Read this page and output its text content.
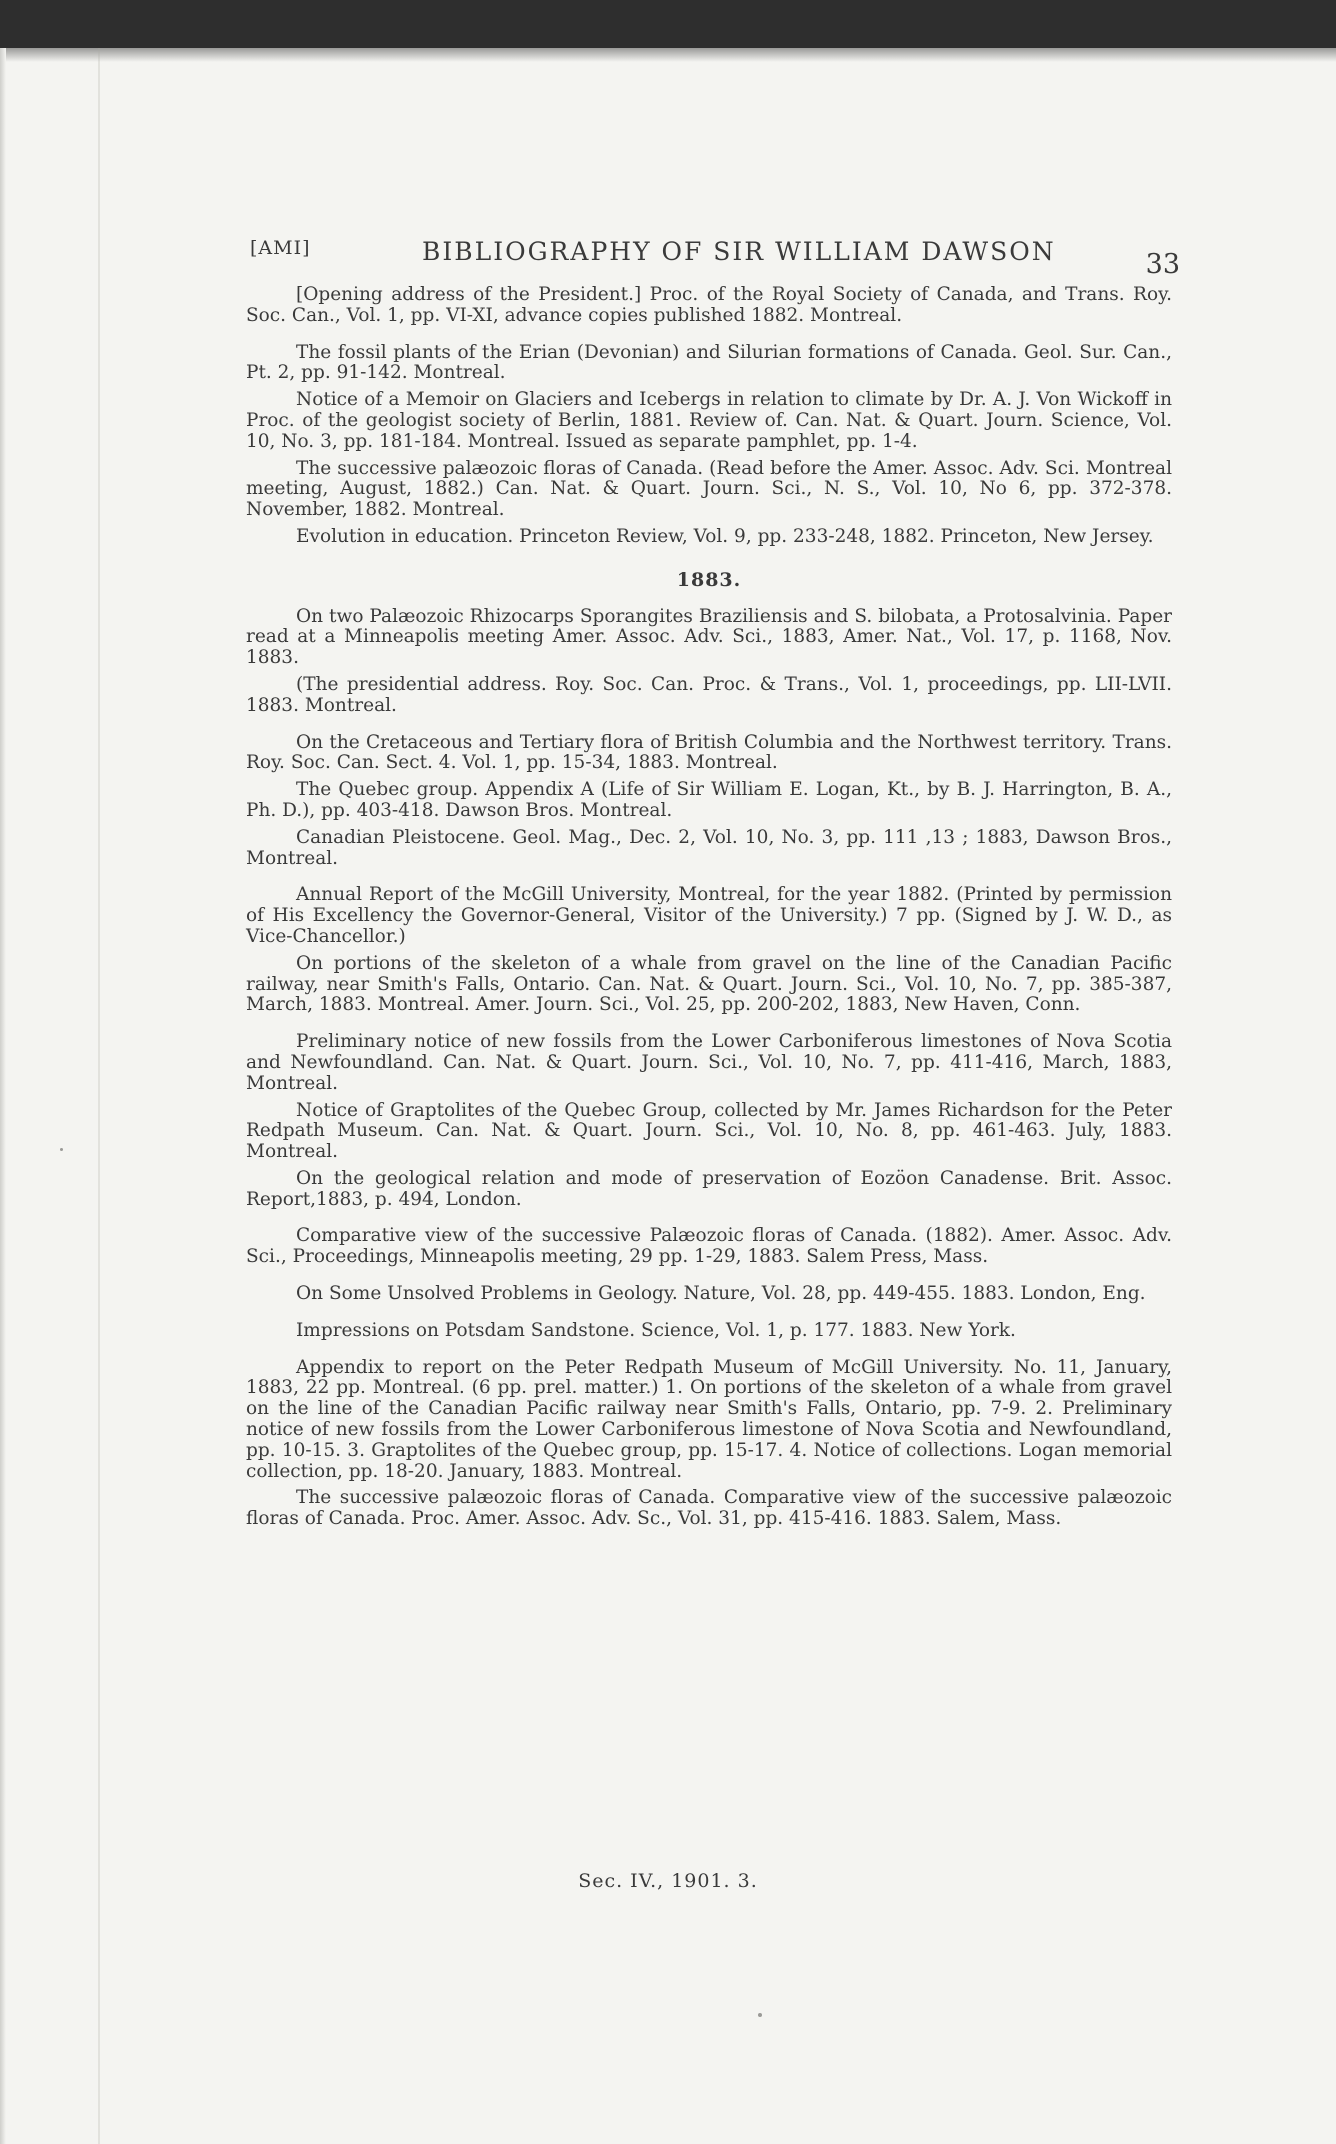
[AMI]	BIBLIOGRAPHY OF SIR WILLIAM DAWSON	33

[Opening address of the President.] Proc. of the Royal Society of Canada, and Trans. Roy. Soc. Can., Vol. 1, pp. VI-XI, advance copies published 1882. Montreal.

The fossil plants of the Erian (Devonian) and Silurian formations of Canada. Geol. Sur. Can., Pt. 2, pp. 91-142. Montreal.

Notice of a Memoir on Glaciers and Icebergs in relation to climate by Dr. A. J. Von Wickoff in Proc. of the geologist society of Berlin, 1881. Review of. Can. Nat. & Quart. Journ. Science, Vol. 10, No. 3, pp. 181-184. Montreal. Issued as separate pamphlet, pp. 1-4.

The successive palæozoic floras of Canada. (Read before the Amer. Assoc. Adv. Sci. Montreal meeting, August, 1882.) Can. Nat. & Quart. Journ. Sci., N. S., Vol. 10, No 6, pp. 372-378. November, 1882. Montreal.

Evolution in education. Princeton Review, Vol. 9, pp. 233-248, 1882. Princeton, New Jersey.

1883.

On two Palæozoic Rhizocarps Sporangites Braziliensis and S. bilobata, a Protosalvinia. Paper read at a Minneapolis meeting Amer. Assoc. Adv. Sci., 1883, Amer. Nat., Vol. 17, p. 1168, Nov. 1883.

(The presidential address. Roy. Soc. Can. Proc. & Trans., Vol. 1, proceedings, pp. LII-LVII. 1883. Montreal.

On the Cretaceous and Tertiary flora of British Columbia and the Northwest territory. Trans. Roy. Soc. Can. Sect. 4. Vol. 1, pp. 15-34, 1883. Montreal.

The Quebec group. Appendix A (Life of Sir William E. Logan, Kt., by B. J. Harrington, B. A., Ph. D.), pp. 403-418. Dawson Bros. Montreal.

Canadian Pleistocene. Geol. Mag., Dec. 2, Vol. 10, No. 3, pp. 111 ,13 ; 1883, Dawson Bros., Montreal.

Annual Report of the McGill University, Montreal, for the year 1882. (Printed by permission of His Excellency the Governor-General, Visitor of the University.) 7 pp. (Signed by J. W. D., as Vice-Chancellor.)

On portions of the skeleton of a whale from gravel on the line of the Canadian Pacific railway, near Smith's Falls, Ontario. Can. Nat. & Quart. Journ. Sci., Vol. 10, No. 7, pp. 385-387, March, 1883. Montreal. Amer. Journ. Sci., Vol. 25, pp. 200-202, 1883, New Haven, Conn.

Preliminary notice of new fossils from the Lower Carboniferous limestones of Nova Scotia and Newfoundland. Can. Nat. & Quart. Journ. Sci., Vol. 10, No. 7, pp. 411-416, March, 1883, Montreal.

Notice of Graptolites of the Quebec Group, collected by Mr. James Richardson for the Peter Redpath Museum. Can. Nat. & Quart. Journ. Sci., Vol. 10, No. 8, pp. 461-463. July, 1883. Montreal.

On the geological relation and mode of preservation of Eozöon Canadense. Brit. Assoc. Report,1883, p. 494, London.

Comparative view of the successive Palæozoic floras of Canada. (1882). Amer. Assoc. Adv. Sci., Proceedings, Minneapolis meeting, 29 pp. 1-29, 1883. Salem Press, Mass.

On Some Unsolved Problems in Geology. Nature, Vol. 28, pp. 449-455. 1883. London, Eng.

Impressions on Potsdam Sandstone. Science, Vol. 1, p. 177. 1883. New York.

Appendix to report on the Peter Redpath Museum of McGill University. No. 11, January, 1883, 22 pp. Montreal. (6 pp. prel. matter.) 1. On portions of the skeleton of a whale from gravel on the line of the Canadian Pacific railway near Smith's Falls, Ontario, pp. 7-9. 2. Preliminary notice of new fossils from the Lower Carboniferous limestone of Nova Scotia and Newfoundland, pp. 10-15. 3. Graptolites of the Quebec group, pp. 15-17. 4. Notice of collections. Logan memorial collection, pp. 18-20. January, 1883. Montreal.

The successive palæozoic floras of Canada. Comparative view of the successive palæozoic floras of Canada. Proc. Amer. Assoc. Adv. Sc., Vol. 31, pp. 415-416. 1883. Salem, Mass.

Sec. IV., 1901. 3.
